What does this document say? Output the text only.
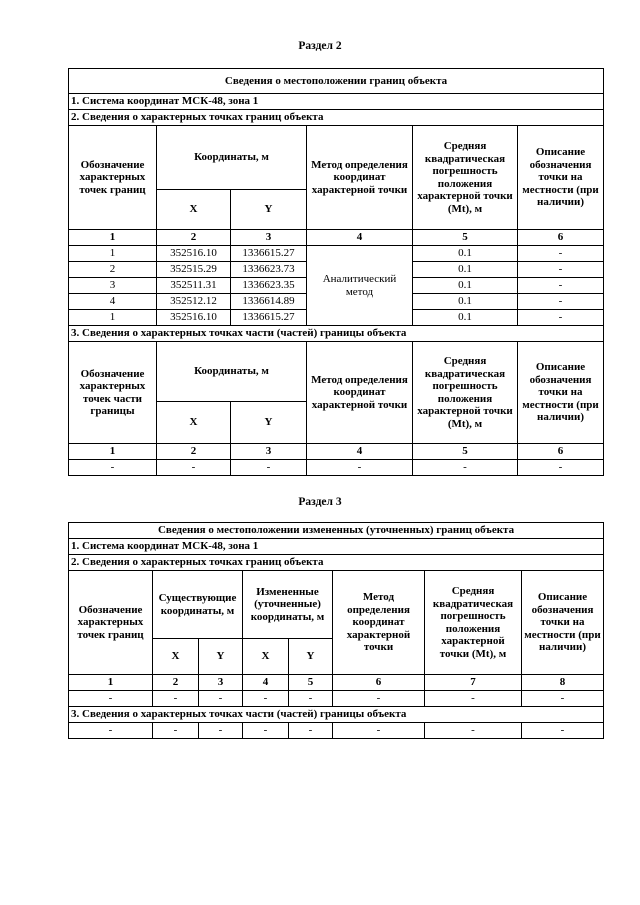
Раздел 2
Сведения о местоположении границ объекта					
1. Система координат МСК-48, зона 1					
2. Сведения о характерных точках границ объекта					
Обозначение характерных точек границ	Координаты, м		Метод определения координат характерной точки	Средняя квадратическая погрешность положения характерной точки (Mt), м	Описание обозначения точки на местности (при наличии)
	X	Y			
1	2	3	4	5	6
1	352516.10	1336615.27	Аналитический метод	0.1	-
2	352515.29	1336623.73		0.1	-
3	352511.31	1336623.35		0.1	-
4	352512.12	1336614.89		0.1	-
1	352516.10	1336615.27		0.1	-
3. Сведения о характерных точках части (частей) границы объекта					
Обозначение характерных точек части границы	Координаты, м		Метод определения координат характерной точки	Средняя квадратическая погрешность положения характерной точки (Mt), м	Описание обозначения точки на местности (при наличии)
	X	Y			
1	2	3	4	5	6
-	-	-	-	-	-
Раздел 3
Сведения о местоположении измененных (уточненных) границ объекта							
1. Система координат МСК-48, зона 1							
2. Сведения о характерных точках границ объекта							
Обозначение характерных точек границ	Существующие координаты, м		Измененные (уточненные) координаты, м		Метод определения координат характерной точки	Средняя квадратическая погрешность положения характерной точки (Mt), м	Описание обозначения точки на местности (при наличии)
	X	Y	X	Y			
1	2	3	4	5	6	7	8
-	-	-	-	-	-	-	-
3. Сведения о характерных точках части (частей) границы объекта							
-	-	-	-	-	-	-	-
